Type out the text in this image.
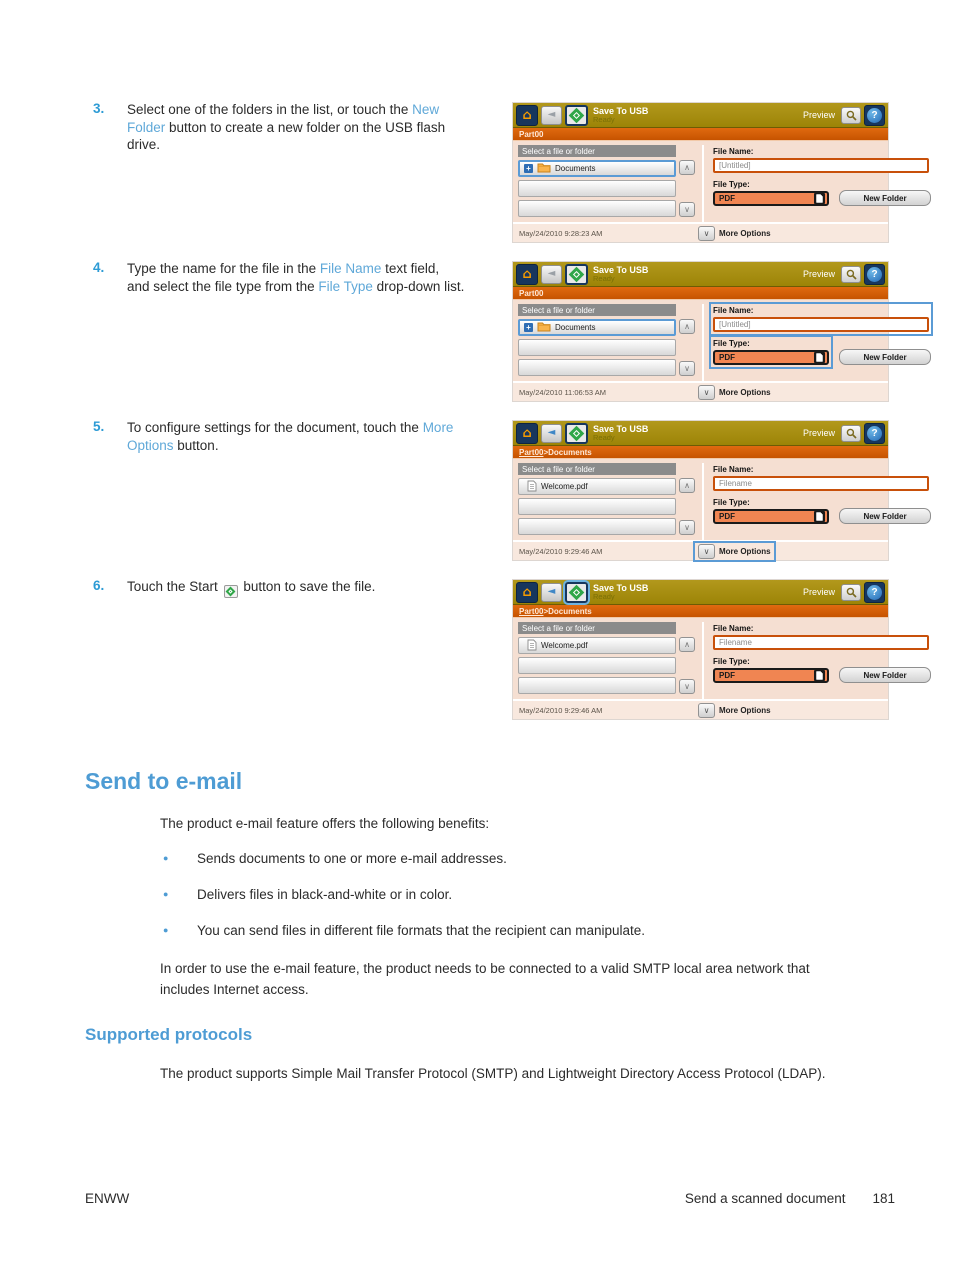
3.	Select one of the folders in the list, or touch the New Folder button to create a new folder on the USB flash drive.
4.	Type the name for the file in the File Name text field, and select the file type from the File Type drop-down list.
5.	To configure settings for the document, touch the More Options button.
6.	Touch the Start button to save the file.
⌂ ◄	Save To USB
Ready	Preview	?
Part00
Select a file or folder
+	Documents	∧
∨
File Name:
[Untitled]
File Type:
PDF	New Folder
May/24/2010 9:28:23 AM	∨	More Options
⌂ ◄	Save To USB
Ready	Preview	?
Part00
Select a file or folder
+	Documents	∧
∨
File Name:
[Untitled]
File Type:
PDF	New Folder
May/24/2010 11:06:53 AM	∨	More Options
⌂ ◄	Save To USB
Ready	Preview	?
Part00 >Documents
Select a file or folder
Welcome.pdf	∧
∨
File Name:
Filename
File Type:
PDF	New Folder
May/24/2010 9:29:46 AM	∨	More Options
⌂ ◄	Save To USB
Ready	Preview	?
Part00 >Documents
Select a file or folder
Welcome.pdf	∧
∨
File Name:
Filename
File Type:
PDF	New Folder
May/24/2010 9:29:46 AM	∨	More Options
Send to e-mail

The product e-mail feature offers the following benefits:

● Sends documents to one or more e-mail addresses.
● Delivers files in black-and-white or in color.
● You can send files in different file formats that the recipient can manipulate.

In order to use the e-mail feature, the product needs to be connected to a valid SMTP local area network that includes Internet access.

Supported protocols

The product supports Simple Mail Transfer Protocol (SMTP) and Lightweight Directory Access Protocol (LDAP).

ENWW	Send a scanned document 181
